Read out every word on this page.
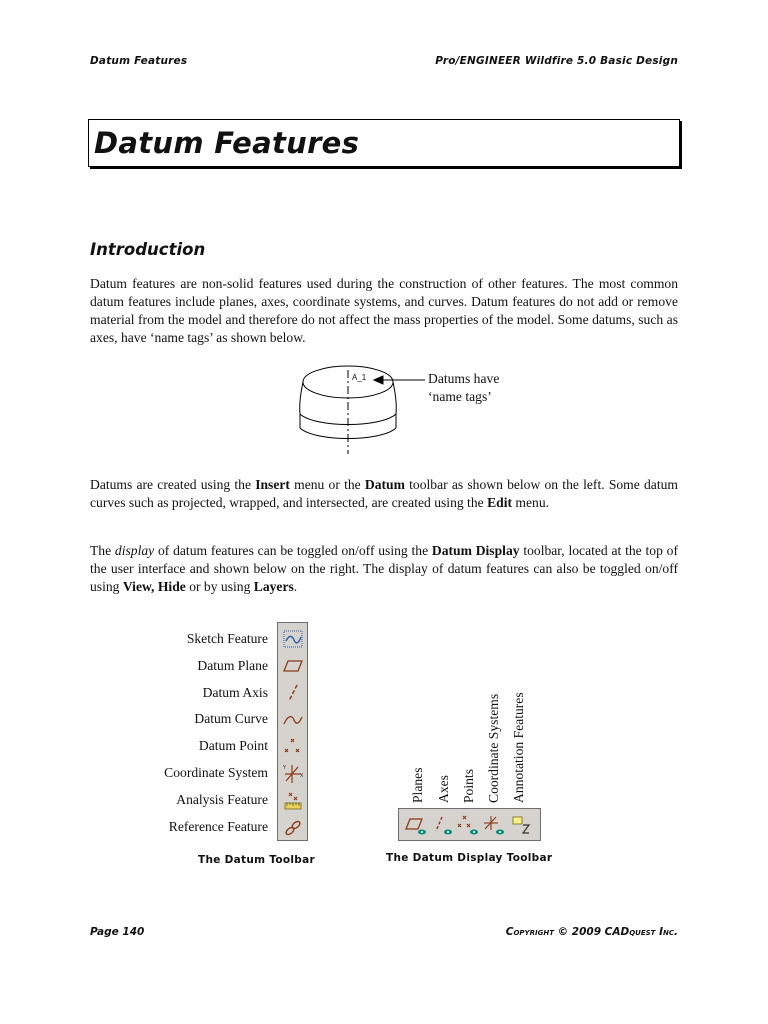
Datum Features	Pro/ENGINEER Wildfire 5.0 Basic Design
Datum Features
Introduction
Datum features are non-solid features used during the construction of other features. The most common datum features include planes, axes, coordinate systems, and curves. Datum features do not add or remove material from the model and therefore do not affect the mass properties of the model. Some datums, such as axes, have ‘name tags’ as shown below.
A_1	Datums have
‘name tags’
Datums are created using the Insert menu or the Datum toolbar as shown below on the left. Some datum curves such as projected, wrapped, and intersected, are created using the Edit menu.
The display of datum features can be toggled on/off using the Datum Display toolbar, located at the top of the user interface and shown below on the right. The display of datum features can also be toggled on/off using View, Hide or by using Layers.
Sketch Feature
Datum Plane
Datum Axis
Datum Curve
Datum Point
Coordinate System
Analysis Feature
Reference Feature
Y
X
The Datum Toolbar
Planes Axes Points Coordinate Systems Annotation Features
The Datum Display Toolbar
Page 140	Copyright © 2009 CADquest Inc.
